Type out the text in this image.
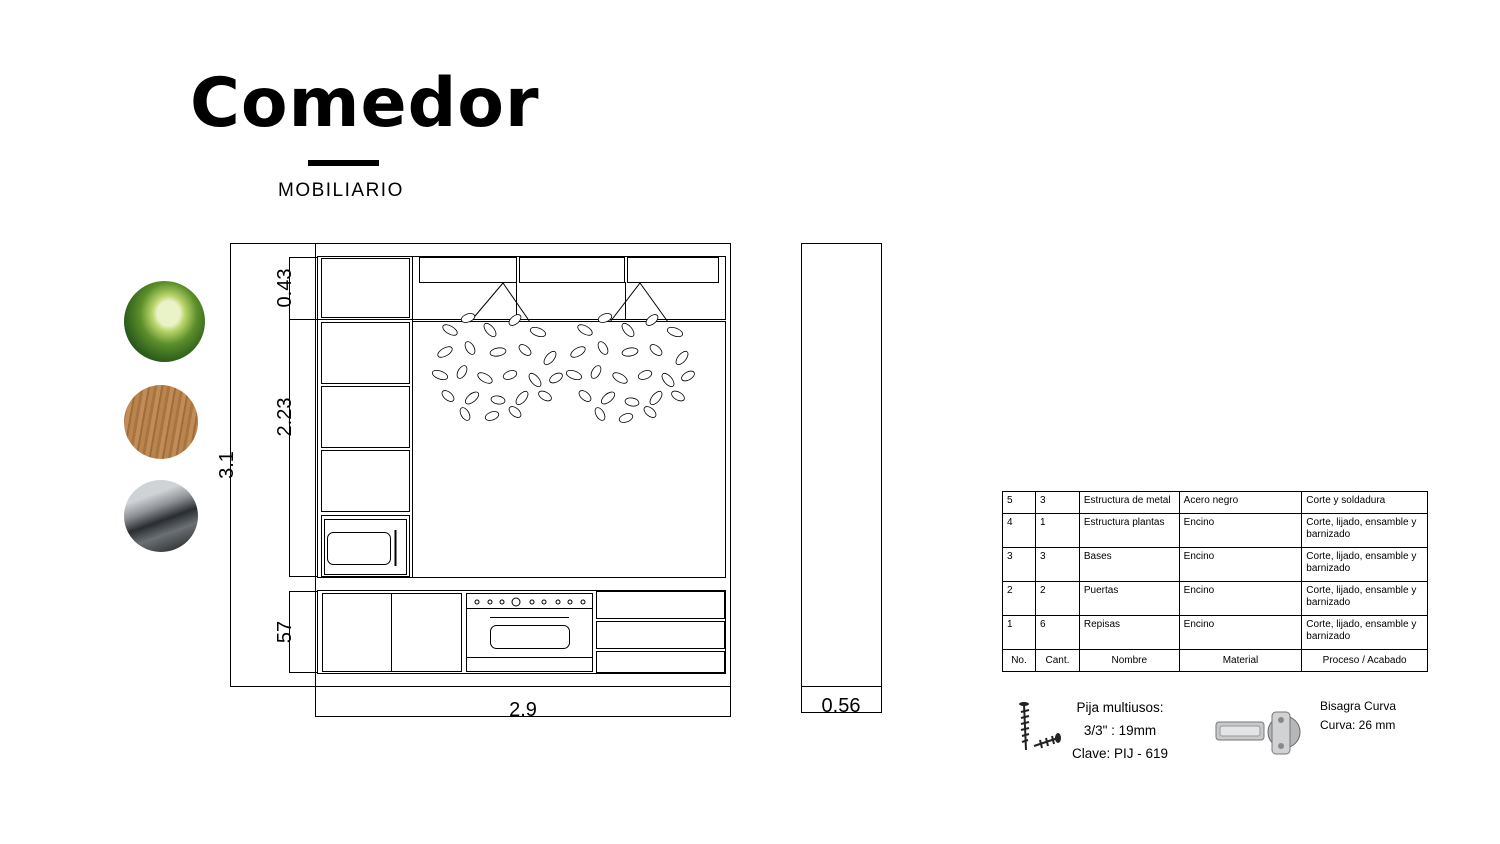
Comedor
MOBILIARIO
3.1
0.43
2.23
57
2.9	0.56
5	3	Estructura de metal	Acero negro	Corte y soldadura
4	1	Estructura plantas	Encino	Corte, lijado, ensamble y barnizado
3	3	Bases	Encino	Corte, lijado, ensamble y barnizado
2	2	Puertas	Encino	Corte, lijado, ensamble y barnizado
1	6	Repisas	Encino	Corte, lijado, ensamble y barnizado
No.	Cant.	Nombre	Material	Proceso / Acabado
Pija multiusos:
3/3" : 19mm
Clave: PIJ - 619
Bisagra Curva
Curva: 26 mm
